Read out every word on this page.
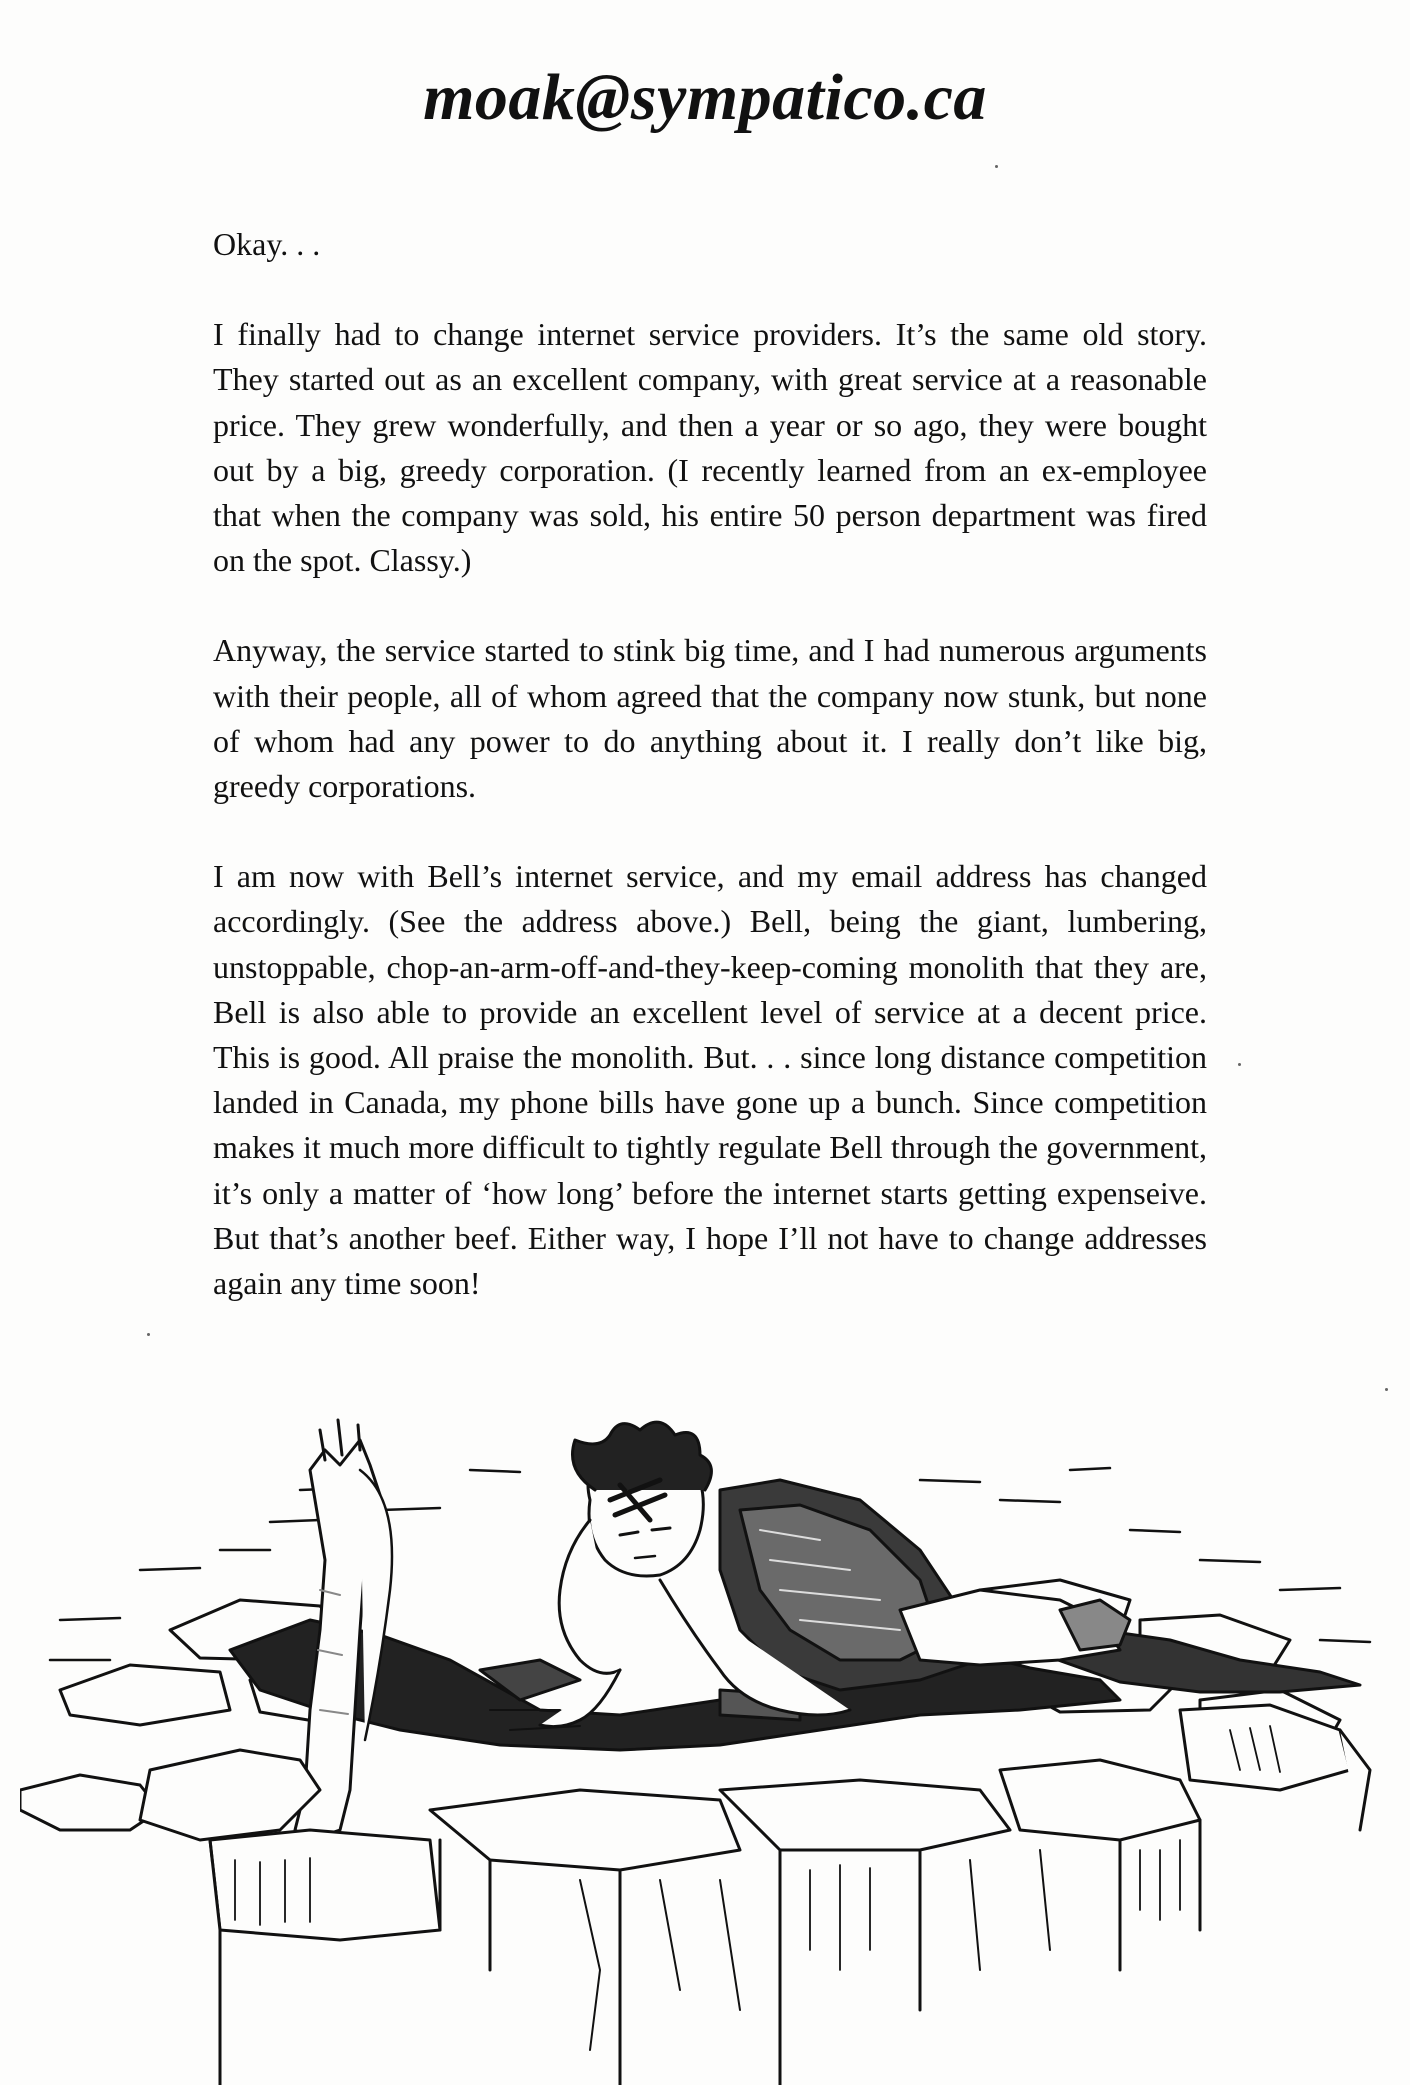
moak@sympatico.ca

Okay. . .

I finally had to change internet service providers. It’s the same old story. They started out as an excellent company, with great service at a reasonable price. They grew wonderfully, and then a year or so ago, they were bought out by a big, greedy corporation. (I recently learned from an ex-employee that when the company was sold, his entire 50 person department was fired on the spot. Classy.)

Anyway, the service started to stink big time, and I had numerous arguments with their people, all of whom agreed that the company now stunk, but none of whom had any power to do anything about it. I really don’t like big, greedy corporations.

I am now with Bell’s internet service, and my email address has changed accordingly. (See the address above.) Bell, being the giant, lumbering, unstoppable, chop-an-arm-off-and-they-keep-coming monolith that they are, Bell is also able to provide an excellent level of service at a decent price. This is good. All praise the monolith. But. . . since long distance competition landed in Canada, my phone bills have gone up a bunch. Since competition makes it much more difficult to tightly regulate Bell through the government, it’s only a matter of ‘how long’ before the internet starts getting expenseive. But that’s another beef. Either way, I hope I’ll not have to change addresses again any time soon!
